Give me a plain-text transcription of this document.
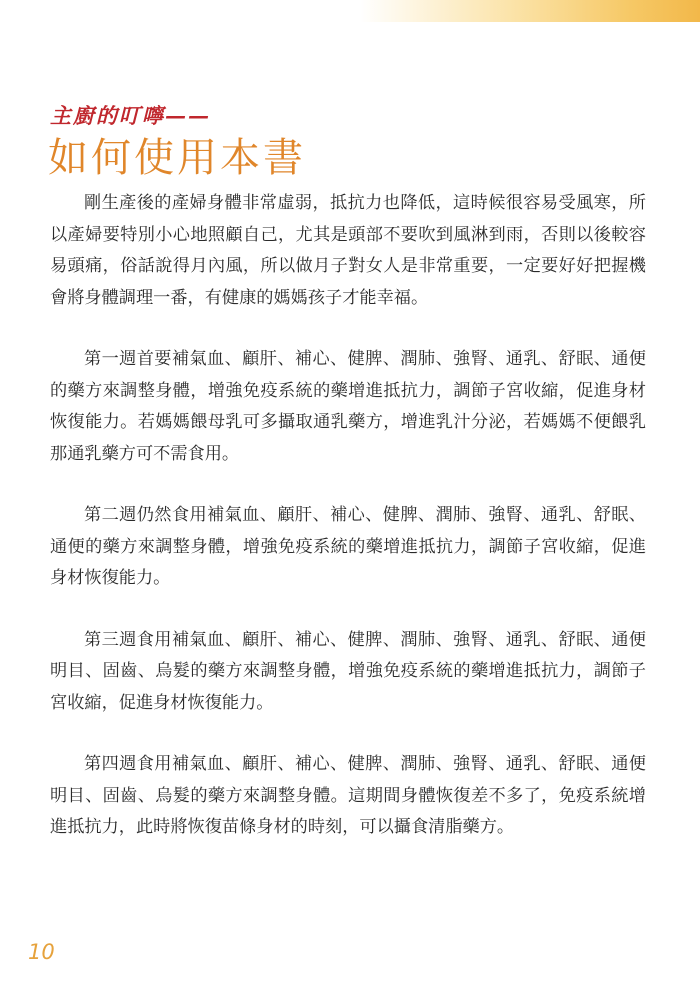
主廚的叮嚀——
如何使用本書

剛生產後的產婦身體非常虛弱，抵抗力也降低，這時候很容易受風寒，所以產婦要特別小心地照顧自己，尤其是頭部不要吹到風淋到雨，否則以後較容易頭痛，俗話說得月內風，所以做月子對女人是非常重要，一定要好好把握機會將身體調理一番，有健康的媽媽孩子才能幸福。

第一週首要補氣血、顧肝、補心、健脾、潤肺、強腎、通乳、舒眠、通便的藥方來調整身體，增強免疫系統的藥增進抵抗力，調節子宮收縮，促進身材恢復能力。若媽媽餵母乳可多攝取通乳藥方，增進乳汁分泌，若媽媽不便餵乳那通乳藥方可不需食用。

第二週仍然食用補氣血、顧肝、補心、健脾、潤肺、強腎、通乳、舒眠、通便的藥方來調整身體，增強免疫系統的藥增進抵抗力，調節子宮收縮，促進身材恢復能力。

第三週食用補氣血、顧肝、補心、健脾、潤肺、強腎、通乳、舒眠、通便明目、固齒、烏髮的藥方來調整身體，增強免疫系統的藥增進抵抗力，調節子宮收縮，促進身材恢復能力。

第四週食用補氣血、顧肝、補心、健脾、潤肺、強腎、通乳、舒眠、通便明目、固齒、烏髮的藥方來調整身體。這期間身體恢復差不多了，免疫系統增進抵抗力，此時將恢復苗條身材的時刻，可以攝食清脂藥方。

10
